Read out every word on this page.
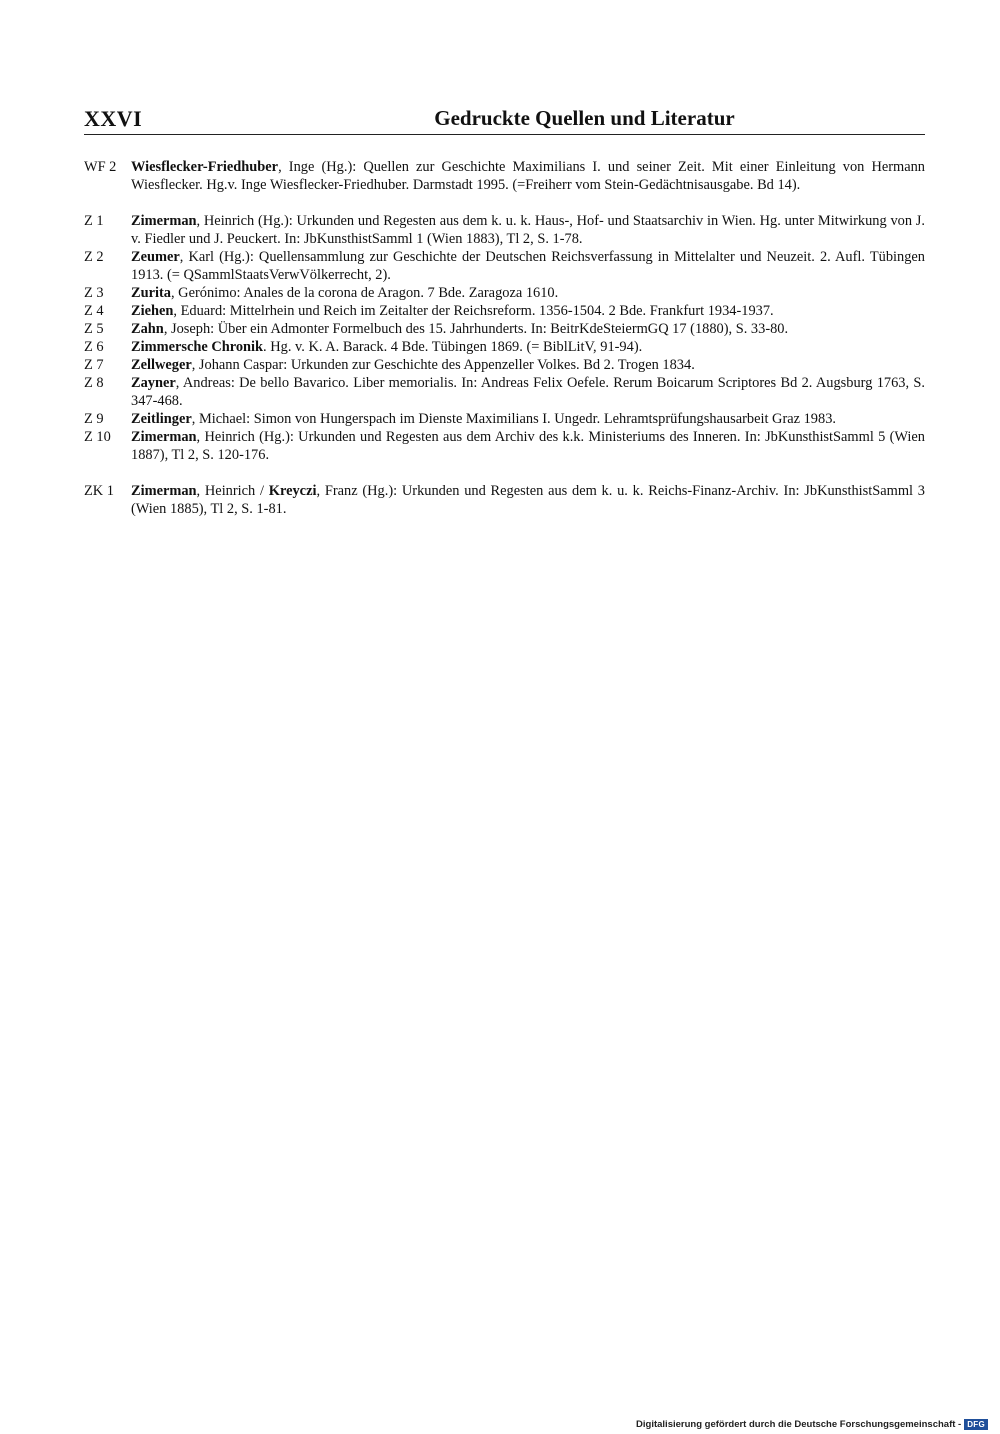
XXVI	Gedruckte Quellen und Literatur
WF 2	Wiesflecker-Friedhuber, Inge (Hg.): Quellen zur Geschichte Maximilians I. und seiner Zeit. Mit einer Einleitung von Hermann Wiesflecker. Hg.v. Inge Wiesflecker-Friedhuber. Darmstadt 1995. (=Freiherr vom Stein-Gedächtnisausgabe. Bd 14).
Z 1	Zimerman, Heinrich (Hg.): Urkunden und Regesten aus dem k. u. k. Haus-, Hof- und Staatsarchiv in Wien. Hg. unter Mitwirkung von J. v. Fiedler und J. Peuckert. In: JbKunsthistSamml 1 (Wien 1883), Tl 2, S. 1-78.
Z 2	Zeumer, Karl (Hg.): Quellensammlung zur Geschichte der Deutschen Reichsverfassung in Mittelalter und Neuzeit. 2. Aufl. Tübingen 1913. (= QSammlStaatsVerwVölkerrecht, 2).
Z 3	Zurita, Gerónimo: Anales de la corona de Aragon. 7 Bde. Zaragoza 1610.
Z 4	Ziehen, Eduard: Mittelrhein und Reich im Zeitalter der Reichsreform. 1356-1504. 2 Bde. Frankfurt 1934-1937.
Z 5	Zahn, Joseph: Über ein Admonter Formelbuch des 15. Jahrhunderts. In: BeitrKdeSteiermGQ 17 (1880), S. 33-80.
Z 6	Zimmersche Chronik. Hg. v. K. A. Barack. 4 Bde. Tübingen 1869. (= BiblLitV, 91-94).
Z 7	Zellweger, Johann Caspar: Urkunden zur Geschichte des Appenzeller Volkes. Bd 2. Trogen 1834.
Z 8	Zayner, Andreas: De bello Bavarico. Liber memorialis. In: Andreas Felix Oefele. Rerum Boicarum Scriptores Bd 2. Augsburg 1763, S. 347-468.
Z 9	Zeitlinger, Michael: Simon von Hungerspach im Dienste Maximilians I. Ungedr. Lehramtsprüfungshausarbeit Graz 1983.
Z 10	Zimerman, Heinrich (Hg.): Urkunden und Regesten aus dem Archiv des k.k. Ministeriums des Inneren. In: JbKunsthistSamml 5 (Wien 1887), Tl 2, S. 120-176.
ZK 1	Zimerman, Heinrich / Kreyczi, Franz (Hg.): Urkunden und Regesten aus dem k. u. k. Reichs-Finanz-Archiv. In: JbKunsthistSamml 3 (Wien 1885), Tl 2, S. 1-81.
Digitalisierung gefördert durch die Deutsche Forschungsgemeinschaft - DFG
